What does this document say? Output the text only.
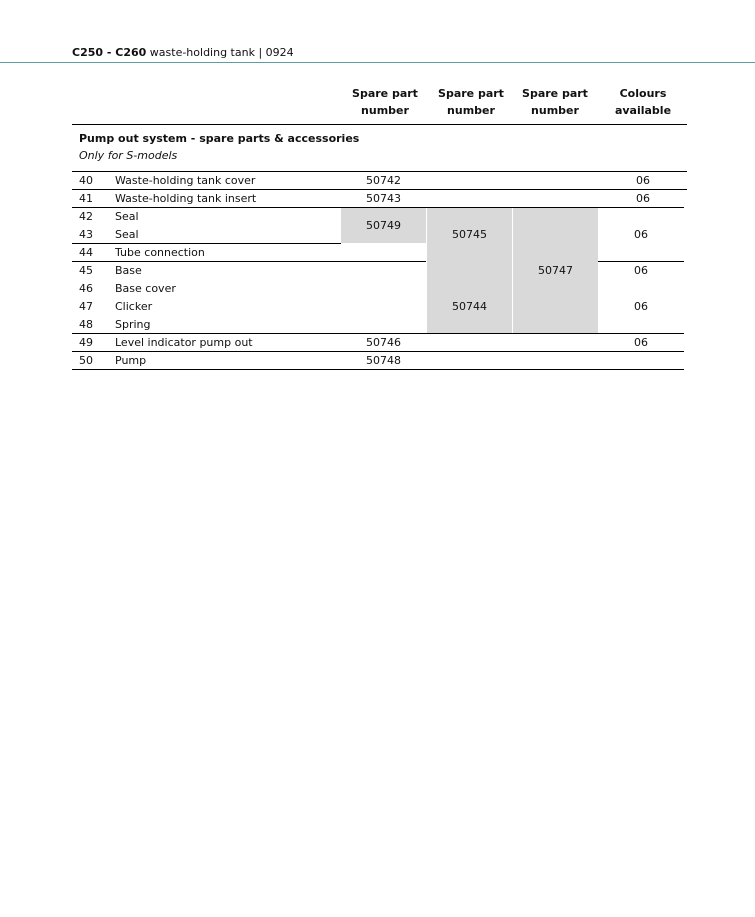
C250 - C260 waste-holding tank | 0924
Spare part
number
Spare part
number
Spare part
number
Colours
available
Pump out system - spare parts & accessories
Only for S-models
40 Waste-holding tank cover
41 Waste-holding tank insert
42 Seal
43 Seal
44 Tube connection
45 Base
46 Base cover
47 Clicker
48 Spring
49 Level indicator pump out
50 Pump
50742
50743
50749
50745
50744
50747
50746
50748
06
06
06
06
06
06
